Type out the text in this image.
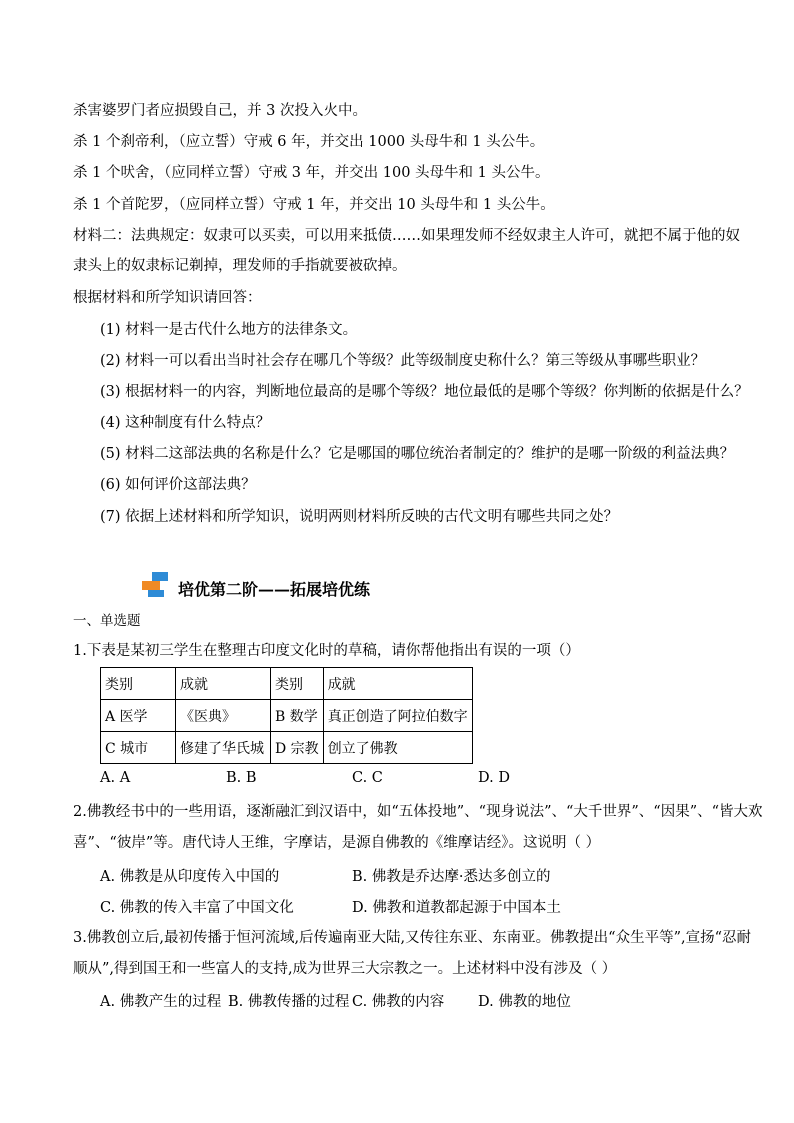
杀害婆罗门者应损毁自己，并 3 次投入火中。
杀 1 个刹帝利，（应立誓）守戒 6 年，并交出 1000 头母牛和 1 头公牛。
杀 1 个吠舍，（应同样立誓）守戒 3 年，并交出 100 头母牛和 1 头公牛。
杀 1 个首陀罗，（应同样立誓）守戒 1 年，并交出 10 头母牛和 1 头公牛。
材料二：法典规定：奴隶可以买卖，可以用来抵债……如果理发师不经奴隶主人许可，就把不属于他的奴
隶头上的奴隶标记剃掉，理发师的手指就要被砍掉。
根据材料和所学知识请回答：
(1) 材料一是古代什么地方的法律条文。
(2) 材料一可以看出当时社会存在哪几个等级？此等级制度史称什么？第三等级从事哪些职业？
(3) 根据材料一的内容，判断地位最高的是哪个等级？地位最低的是哪个等级？你判断的依据是什么？
(4) 这种制度有什么特点？
(5) 材料二这部法典的名称是什么？它是哪国的哪位统治者制定的？维护的是哪一阶级的利益法典？
(6) 如何评价这部法典？
(7) 依据上述材料和所学知识，说明两则材料所反映的古代文明有哪些共同之处？
培优第二阶——拓展培优练
一、单选题
1.下表是某初三学生在整理古印度文化时的草稿，请你帮他指出有误的一项（）
类别	成就	类别	成就
A 医学	《医典》	B 数学	真正创造了阿拉伯数字
C 城市	修建了华氏城	D 宗教	创立了佛教
A. A	B. B	C. C	D. D
2.佛教经书中的一些用语，逐渐融汇到汉语中，如“五体投地”、“现身说法”、“大千世界”、“因果”、“皆大欢
喜”、“彼岸”等。唐代诗人王维，字摩诘，是源自佛教的《维摩诘经》。这说明（ ）
A. 佛教是从印度传入中国的	B. 佛教是乔达摩·悉达多创立的
C. 佛教的传入丰富了中国文化	D. 佛教和道教都起源于中国本土
3.佛教创立后,最初传播于恒河流域,后传遍南亚大陆,又传往东亚、东南亚。佛教提出“众生平等”,宣扬“忍耐
顺从”,得到国王和一些富人的支持,成为世界三大宗教之一。上述材料中没有涉及（ ）
A. 佛教产生的过程 B. 佛教传播的过程 C. 佛教的内容 D. 佛教的地位
